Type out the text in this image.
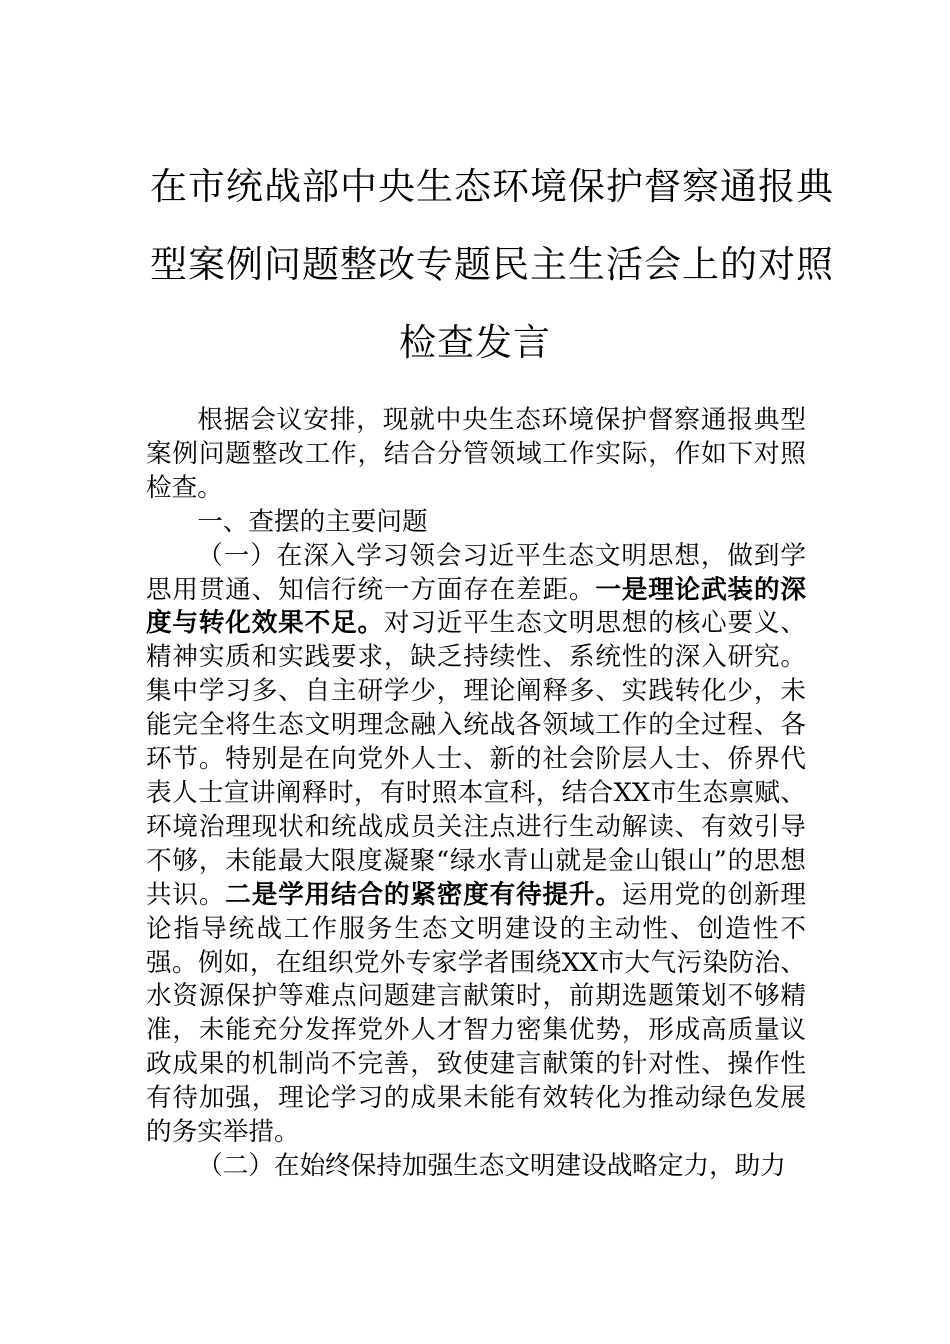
在市统战部中央生态环境保护督察通报典
型案例问题整改专题民主生活会上的对照
检查发言

根据会议安排，现就中央生态环境保护督察通报典型案例问题整改工作，结合分管领域工作实际，作如下对照检查。

一、查摆的主要问题

（一）在深入学习领会习近平生态文明思想，做到学思用贯通、知信行统一方面存在差距。一是理论武装的深度与转化效果不足。对习近平生态文明思想的核心要义、精神实质和实践要求，缺乏持续性、系统性的深入研究。集中学习多、自主研学少，理论阐释多、实践转化少，未能完全将生态文明理念融入统战各领域工作的全过程、各环节。特别是在向党外人士、新的社会阶层人士、侨界代表人士宣讲阐释时，有时照本宣科，结合XX市生态禀赋、环境治理现状和统战成员关注点进行生动解读、有效引导不够，未能最大限度凝聚“绿水青山就是金山银山”的思想共识。二是学用结合的紧密度有待提升。运用党的创新理论指导统战工作服务生态文明建设的主动性、创造性不强。例如，在组织党外专家学者围绕XX市大气污染防治、水资源保护等难点问题建言献策时，前期选题策划不够精准，未能充分发挥党外人才智力密集优势，形成高质量议政成果的机制尚不完善，致使建言献策的针对性、操作性有待加强，理论学习的成果未能有效转化为推动绿色发展的务实举措。

（二）在始终保持加强生态文明建设战略定力，助力
